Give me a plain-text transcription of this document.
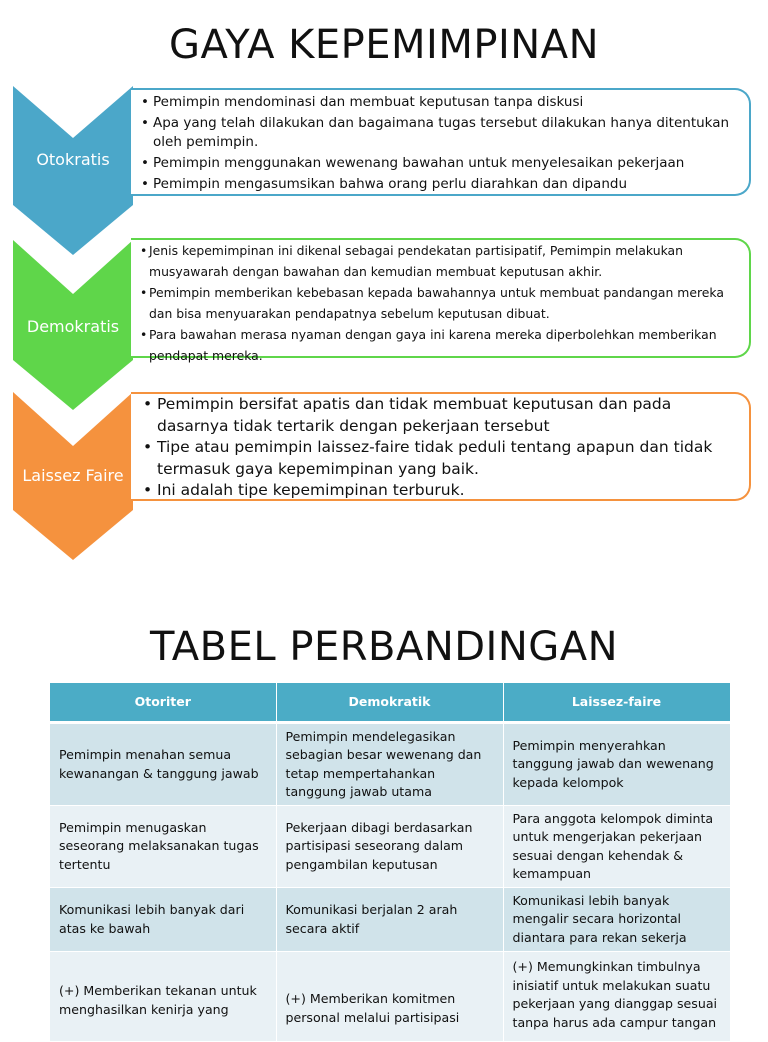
GAYA KEPEMIMPINAN
Otokratis
Demokratis
Laissez Faire
• Pemimpin mendominasi dan membuat keputusan tanpa diskusi
• Apa yang telah dilakukan dan bagaimana tugas tersebut dilakukan hanya ditentukan oleh pemimpin.
• Pemimpin menggunakan wewenang bawahan untuk menyelesaikan pekerjaan
• Pemimpin mengasumsikan bahwa orang perlu diarahkan dan dipandu
• Jenis kepemimpinan ini dikenal sebagai pendekatan partisipatif, Pemimpin melakukan musyawarah dengan bawahan dan kemudian membuat keputusan akhir.
• Pemimpin memberikan kebebasan kepada bawahannya untuk membuat pandangan mereka dan bisa menyuarakan pendapatnya sebelum keputusan dibuat.
• Para bawahan merasa nyaman dengan gaya ini karena mereka diperbolehkan memberikan pendapat mereka.
• Pemimpin bersifat apatis dan tidak membuat keputusan dan pada dasarnya tidak tertarik dengan pekerjaan tersebut
• Tipe atau pemimpin laissez-faire tidak peduli tentang apapun dan tidak termasuk gaya kepemimpinan yang baik.
• Ini adalah tipe kepemimpinan terburuk.
TABEL PERBANDINGAN
Otoriter	Demokratik	Laissez-faire
Pemimpin menahan semua kewanangan & tanggung jawab	Pemimpin mendelegasikan sebagian besar wewenang dan tetap mempertahankan tanggung jawab utama	Pemimpin menyerahkan tanggung jawab dan wewenang kepada kelompok
Pemimpin menugaskan seseorang melaksanakan tugas tertentu	Pekerjaan dibagi berdasarkan partisipasi seseorang dalam pengambilan keputusan	Para anggota kelompok diminta untuk mengerjakan pekerjaan sesuai dengan kehendak & kemampuan
Komunikasi lebih banyak dari atas ke bawah	Komunikasi berjalan 2 arah secara aktif	Komunikasi lebih banyak mengalir secara horizontal diantara para rekan sekerja
(+) Memberikan tekanan untuk menghasilkan kenirja yang	(+) Memberikan komitmen personal melalui partisipasi	(+) Memungkinkan timbulnya inisiatif untuk melakukan suatu pekerjaan yang dianggap sesuai tanpa harus ada campur tangan
